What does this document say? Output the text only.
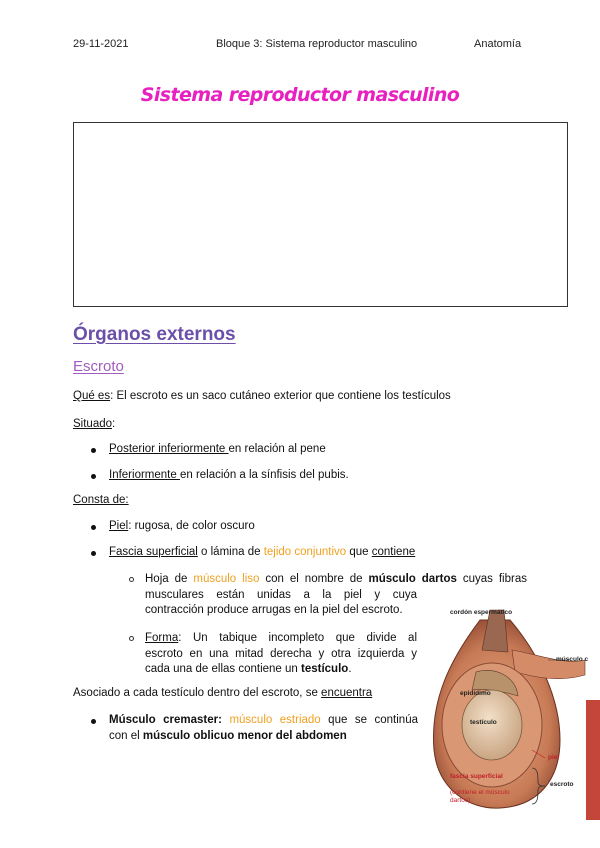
29-11-2021	Bloque 3: Sistema reproductor masculino	Anatomía
Sistema reproductor masculino
Órganos externos
Escroto
Qué es: El escroto es un saco cutáneo exterior que contiene los testículos
Situado:
Posterior inferiormente en relación al pene
Inferiormente en relación a la sínfisis del pubis.
Consta de:
Piel: rugosa, de color oscuro
Fascia superficial o lámina de tejido conjuntivo que contiene
Hoja de músculo liso con el nombre de músculo dartos cuyas fibras
musculares están unidas a la piel y cuya
contracción produce arrugas en la piel del escroto.
Forma: Un tabique incompleto que divide al
escroto en una mitad derecha y otra izquierda y
cada una de ellas contiene un testículo.
Asociado a cada testículo dentro del escroto, se encuentra
Músculo cremaster: músculo estriado que se continúa
con el músculo oblicuo menor del abdomen
cordón espermático
músculo c
epidídimo
testículo
piel
fascia superficial
(contiene el músculo
dartos)
escroto
